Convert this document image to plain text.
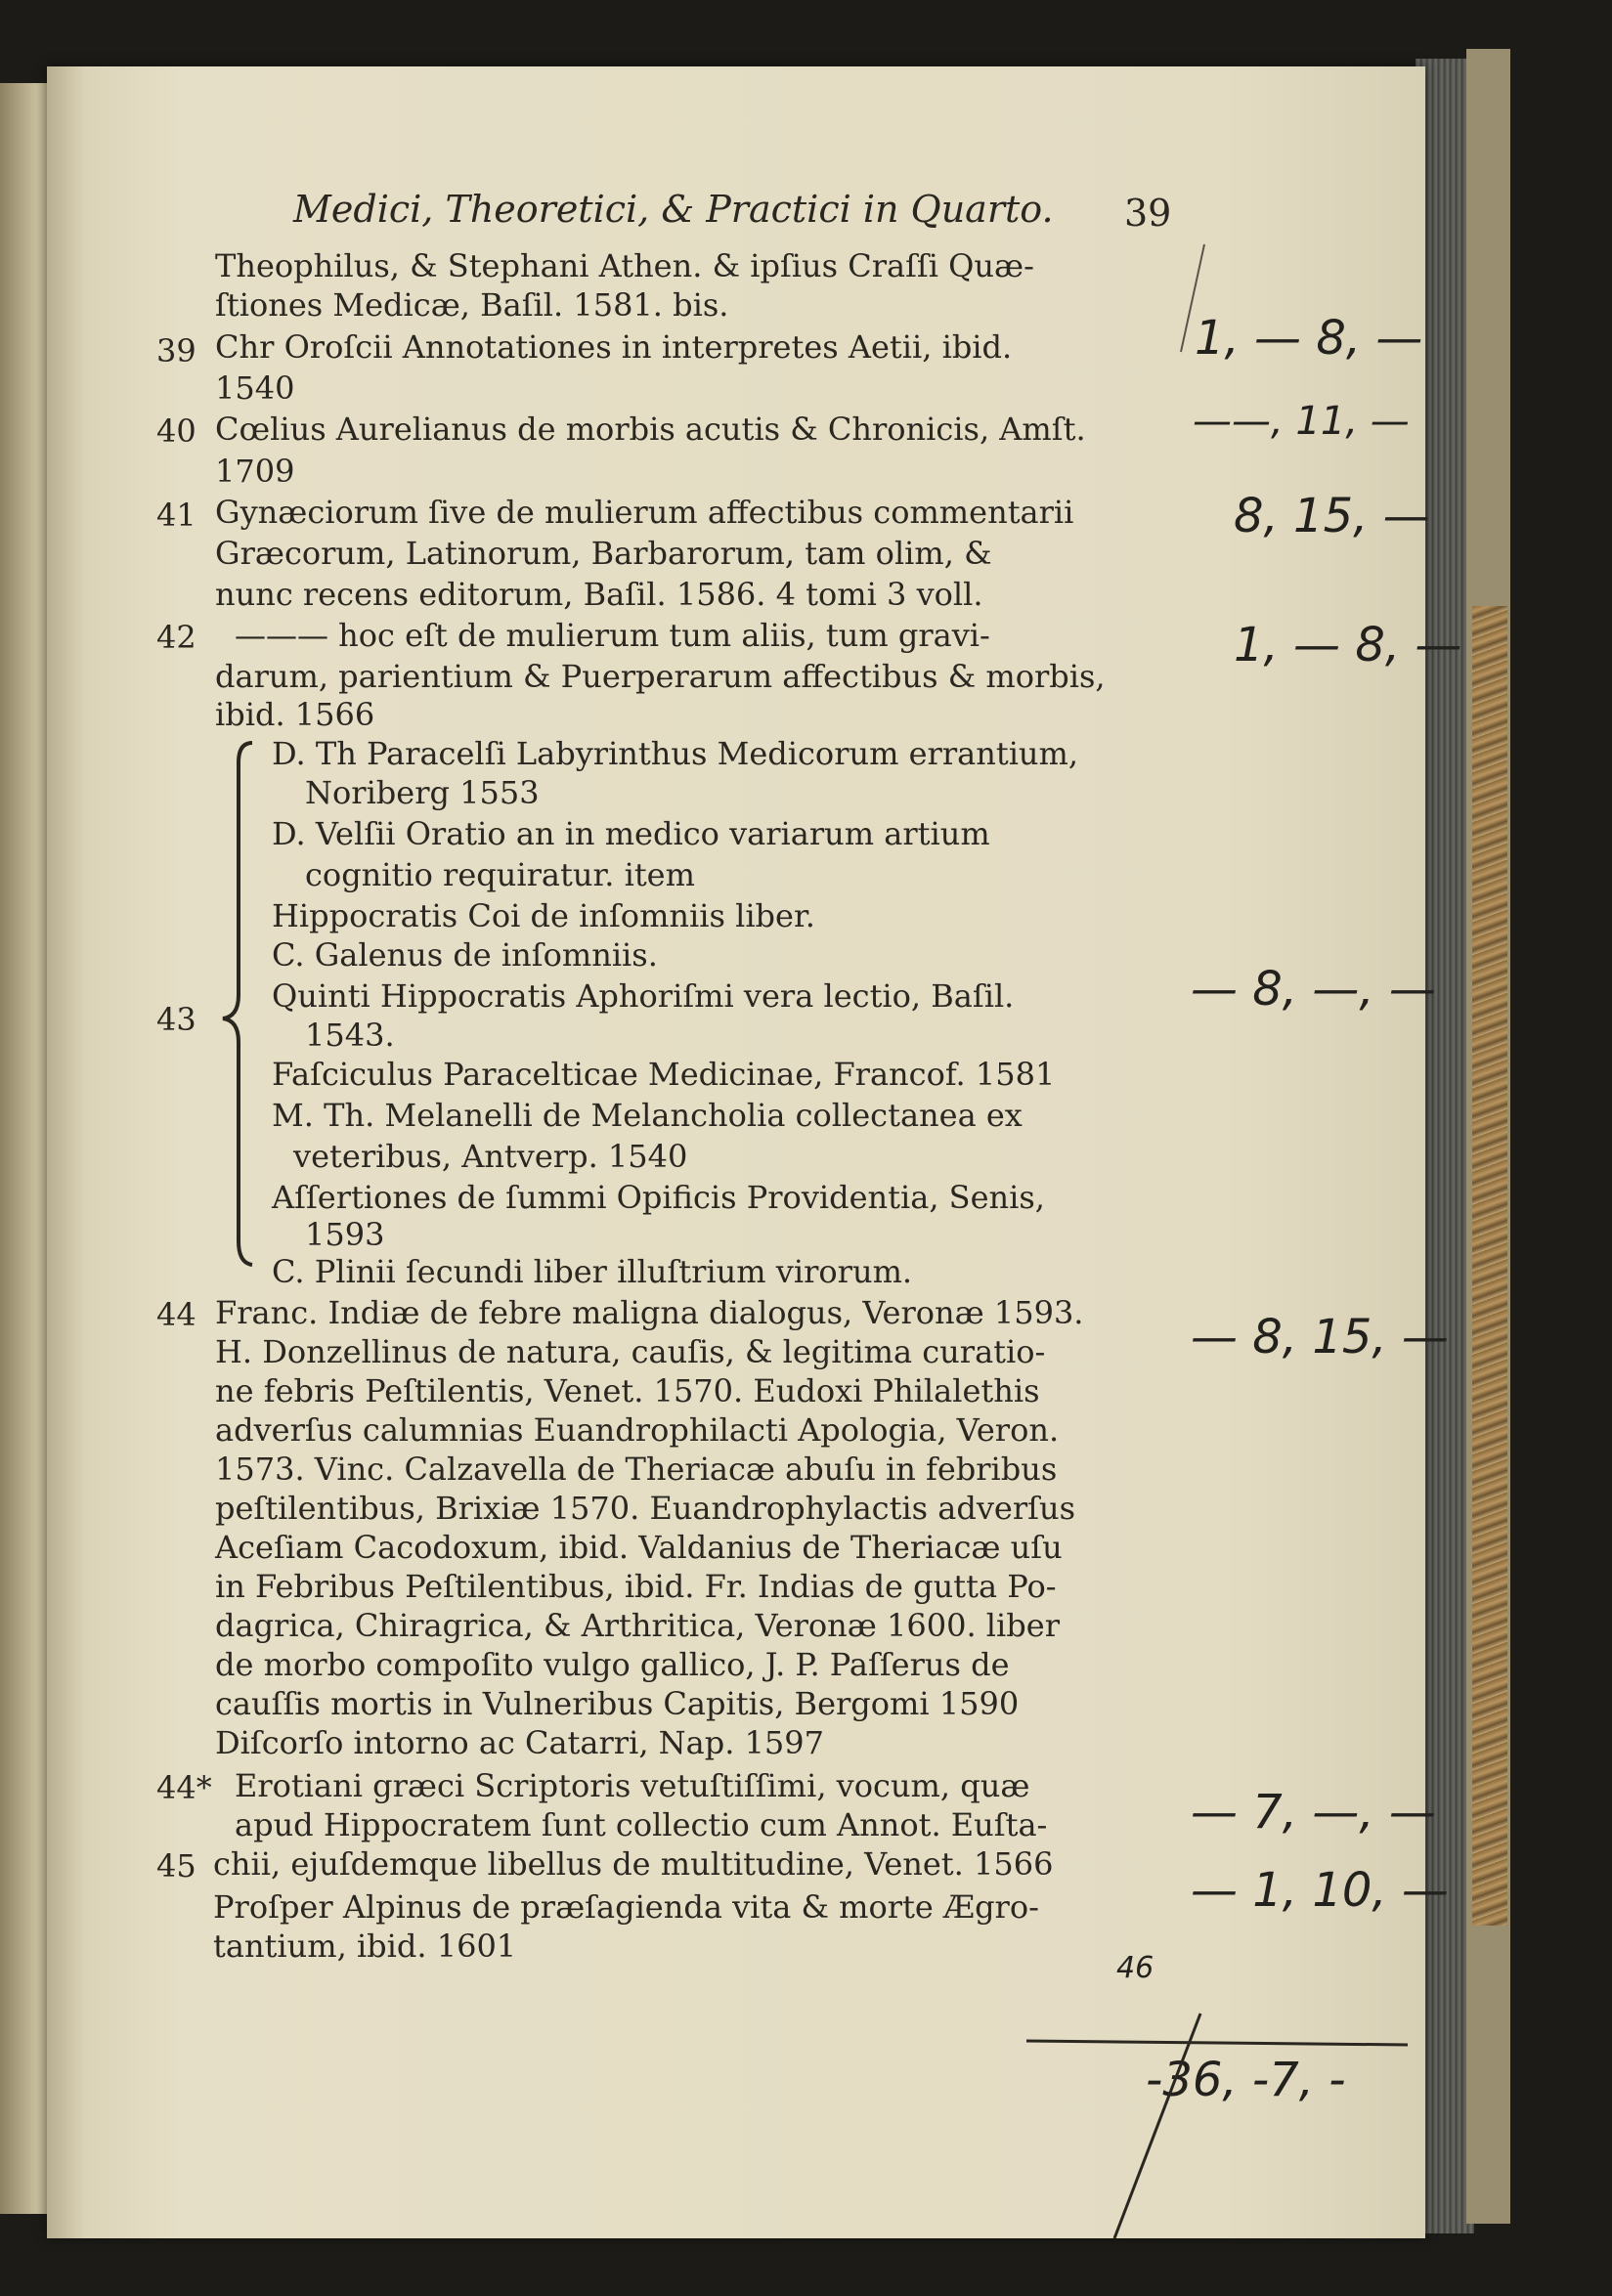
Medici, Theoretici, & Practici in Quarto. 39
Theophilus, & Stephani Athen. & ipſius Craſſi Quæ-
ſtiones Medicæ, Baſil. 1581. bis.
Chr Oroſcii Annotationes in interpretes Aetii, ibid.
1540
Cœlius Aurelianus de morbis acutis & Chronicis, Amſt.
1709
Gynæciorum ſive de mulierum affectibus commentarii
Græcorum, Latinorum, Barbarorum, tam olim, &
nunc recens editorum, Baſil. 1586. 4 tomi 3 voll.
——— hoc eſt de mulierum tum aliis, tum gravi-
darum, parientium & Puerperarum affectibus & morbis,
ibid. 1566
D. Th Paracelſi Labyrinthus Medicorum errantium,
Noriberg 1553
D. Velſii Oratio an in medico variarum artium
cognitio requiratur. item
Hippocratis Coi de inſomniis liber.
C. Galenus de inſomniis.
Quinti Hippocratis Aphoriſmi vera lectio, Baſil.
1543.
Faſciculus Paracelticae Medicinae, Francof. 1581
M. Th. Melanelli de Melancholia collectanea ex
veteribus, Antverp. 1540
Aſſertiones de ſummi Opificis Providentia, Senis,
1593
C. Plinii ſecundi liber illuſtrium virorum.
Franc. Indiæ de febre maligna dialogus, Veronæ 1593.
H. Donzellinus de natura, cauſis, & legitima curatio-
ne febris Peſtilentis, Venet. 1570. Eudoxi Philalethis
adverſus calumnias Euandrophilacti Apologia, Veron.
1573. Vinc. Calzavella de Theriacæ abuſu in febribus
peſtilentibus, Brixiæ 1570. Euandrophylactis adverſus
Aceſiam Cacodoxum, ibid. Valdanius de Theriacæ uſu
in Febribus Peſtilentibus, ibid. Fr. Indias de gutta Po-
dagrica, Chiragrica, & Arthritica, Veronæ 1600. liber
de morbo compoſito vulgo gallico, J. P. Paſſerus de
cauſſis mortis in Vulneribus Capitis, Bergomi 1590
Diſcorſo intorno ac Catarri, Nap. 1597
Erotiani græci Scriptoris vetuſtiſſimi, vocum, quæ
apud Hippocratem ſunt collectio cum Annot. Euſta-
chii, ejuſdemque libellus de multitudine, Venet. 1566
Proſper Alpinus de præſagienda vita & morte Ægro-
tantium, ibid. 1601
39
40
41
42
43
44
44*
45
1, — 8, —
——, 11, —
8, 15, —
1, — 8, —
— 8, —, —
— 8, 15, —
— 7, —, —
— 1, 10, —
46
-36, -7, -
